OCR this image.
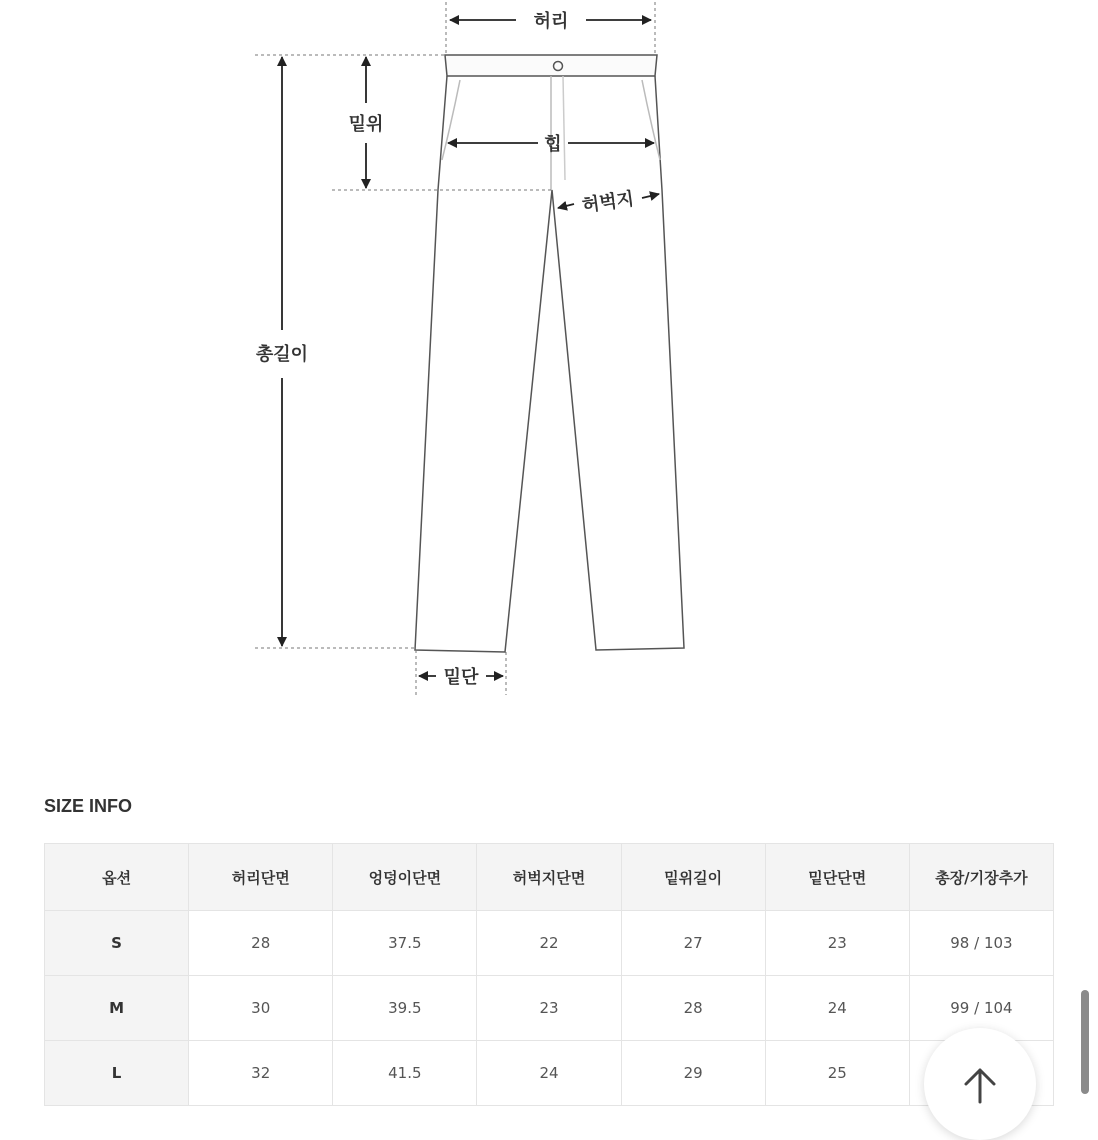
허리
밑위
힙
허벅지
총길이
밑단
SIZE INFO
옵션	허리단면	엉덩이단면	허벅지단면	밑위길이	밑단단면	총장/기장추가
S	28	37.5	22	27	23	98 / 103
M	30	39.5	23	28	24	99 / 104
L	32	41.5	24	29	25	
